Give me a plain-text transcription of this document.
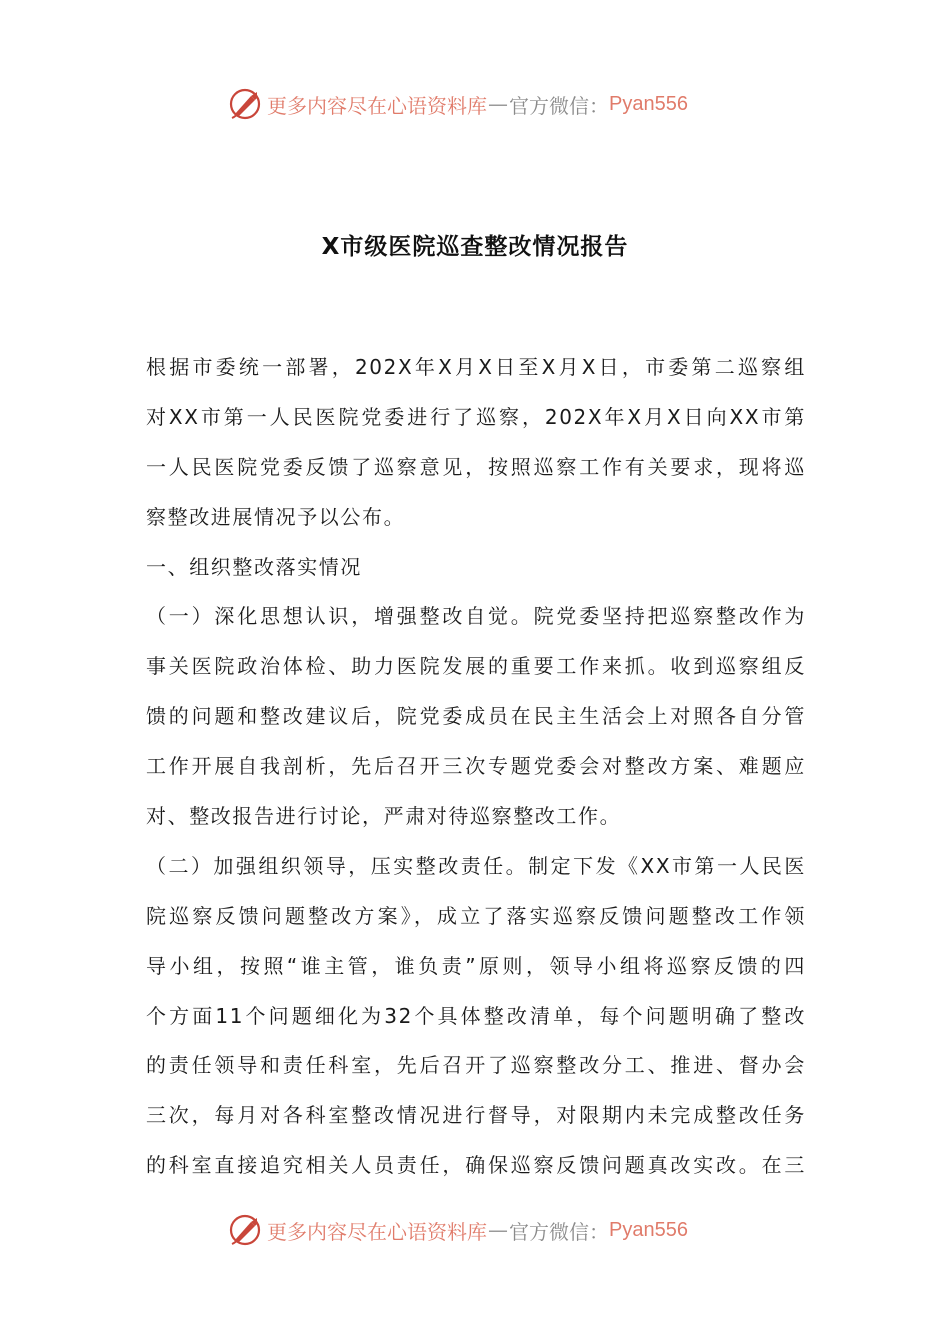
更多内容尽在心语资料库 — 官方微信： Pyan556
X市级医院巡查整改情况报告
根据市委统一部署，202X年X月X日至X月X日，市委第二巡察组
对XX市第一人民医院党委进行了巡察，202X年X月X日向XX市第
一人民医院党委反馈了巡察意见，按照巡察工作有关要求，现将巡
察整改进展情况予以公布。
一、组织整改落实情况
（一）深化思想认识，增强整改自觉。院党委坚持把巡察整改作为
事关医院政治体检、助力医院发展的重要工作来抓。收到巡察组反
馈的问题和整改建议后，院党委成员在民主生活会上对照各自分管
工作开展自我剖析，先后召开三次专题党委会对整改方案、难题应
对、整改报告进行讨论，严肃对待巡察整改工作。
（二）加强组织领导，压实整改责任。制定下发《XX市第一人民医
院巡察反馈问题整改方案》，成立了落实巡察反馈问题整改工作领
导小组，按照“谁主管，谁负责”原则，领导小组将巡察反馈的四
个方面11个问题细化为32个具体整改清单，每个问题明确了整改
的责任领导和责任科室，先后召开了巡察整改分工、推进、督办会
三次，每月对各科室整改情况进行督导，对限期内未完成整改任务
的科室直接追究相关人员责任，确保巡察反馈问题真改实改。在三
更多内容尽在心语资料库 — 官方微信： Pyan556
